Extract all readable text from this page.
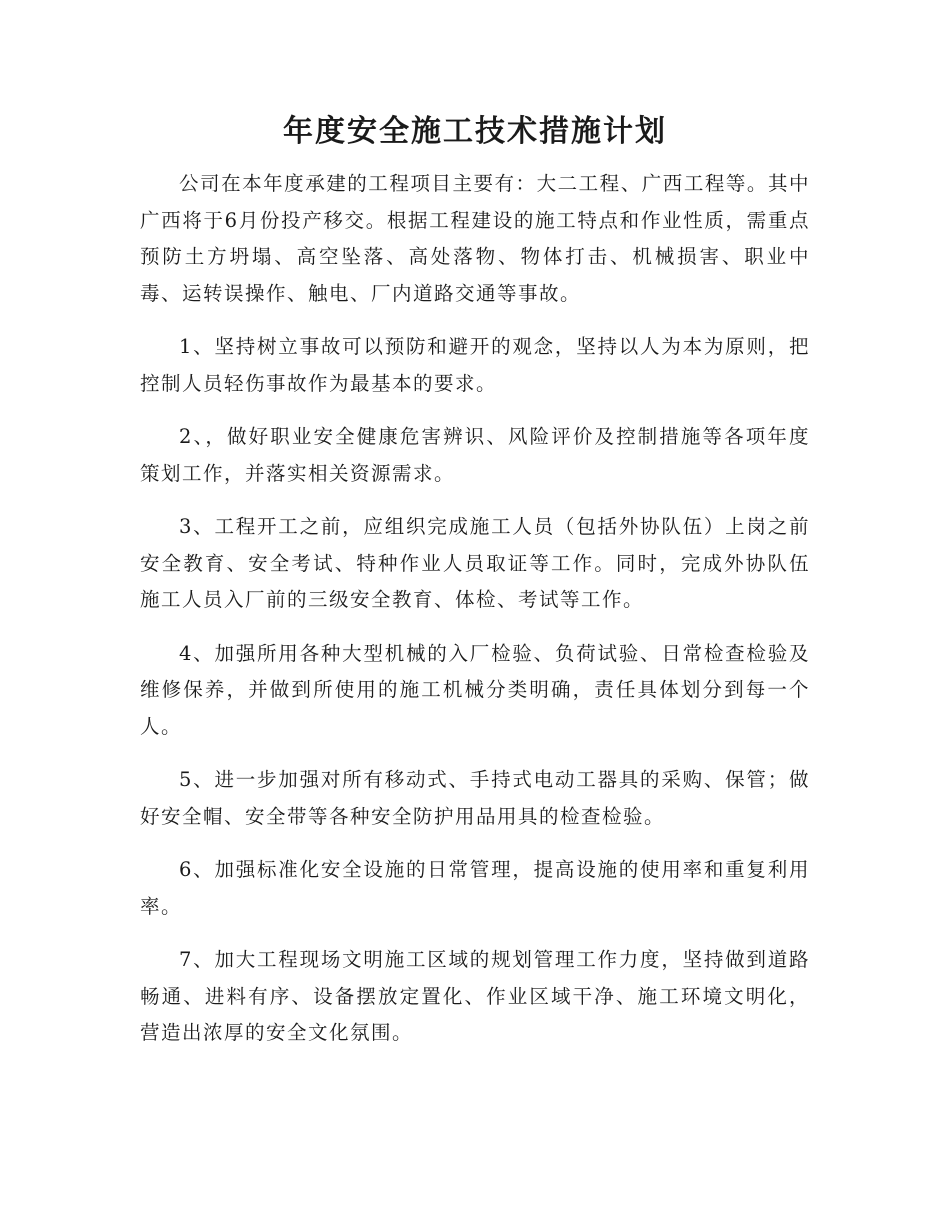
年度安全施工技术措施计划

公司在本年度承建的工程项目主要有：大二工程、广西工程等。其中广西将于6月份投产移交。根据工程建设的施工特点和作业性质，需重点预防土方坍塌、高空坠落、高处落物、物体打击、机械损害、职业中毒、运转误操作、触电、厂内道路交通等事故。

1、坚持树立事故可以预防和避开的观念，坚持以人为本为原则，把控制人员轻伤事故作为最基本的要求。

2、，做好职业安全健康危害辨识、风险评价及控制措施等各项年度策划工作，并落实相关资源需求。

3、工程开工之前，应组织完成施工人员（包括外协队伍）上岗之前安全教育、安全考试、特种作业人员取证等工作。同时，完成外协队伍施工人员入厂前的三级安全教育、体检、考试等工作。

4、加强所用各种大型机械的入厂检验、负荷试验、日常检查检验及维修保养，并做到所使用的施工机械分类明确，责任具体划分到每一个人。

5、进一步加强对所有移动式、手持式电动工器具的采购、保管；做好安全帽、安全带等各种安全防护用品用具的检查检验。

6、加强标准化安全设施的日常管理，提高设施的使用率和重复利用率。

7、加大工程现场文明施工区域的规划管理工作力度，坚持做到道路畅通、进料有序、设备摆放定置化、作业区域干净、施工环境文明化，营造出浓厚的安全文化氛围。
